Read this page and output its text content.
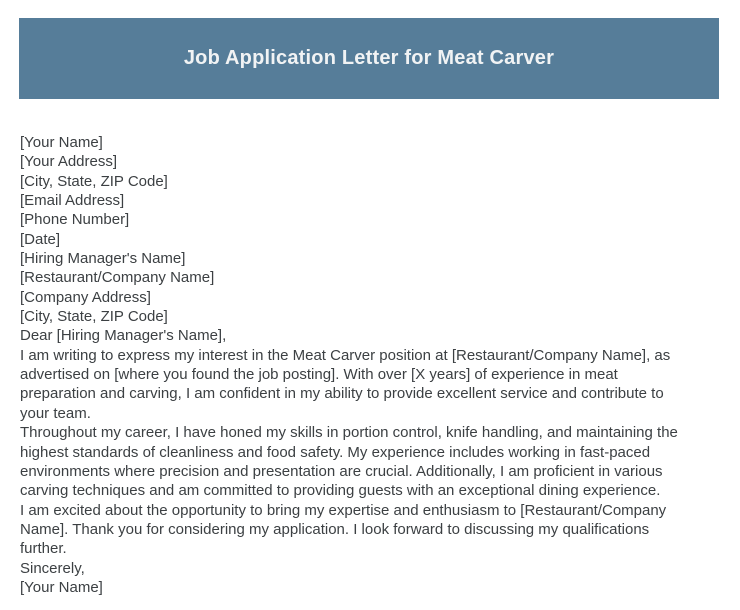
Job Application Letter for Meat Carver
[Your Name]
[Your Address]
[City, State, ZIP Code]
[Email Address]
[Phone Number]
[Date]
[Hiring Manager's Name]
[Restaurant/Company Name]
[Company Address]
[City, State, ZIP Code]
Dear [Hiring Manager's Name],
I am writing to express my interest in the Meat Carver position at [Restaurant/Company Name], as
advertised on [where you found the job posting]. With over [X years] of experience in meat
preparation and carving, I am confident in my ability to provide excellent service and contribute to
your team.
Throughout my career, I have honed my skills in portion control, knife handling, and maintaining the
highest standards of cleanliness and food safety. My experience includes working in fast-paced
environments where precision and presentation are crucial. Additionally, I am proficient in various
carving techniques and am committed to providing guests with an exceptional dining experience.
I am excited about the opportunity to bring my expertise and enthusiasm to [Restaurant/Company
Name]. Thank you for considering my application. I look forward to discussing my qualifications
further.
Sincerely,
[Your Name]
